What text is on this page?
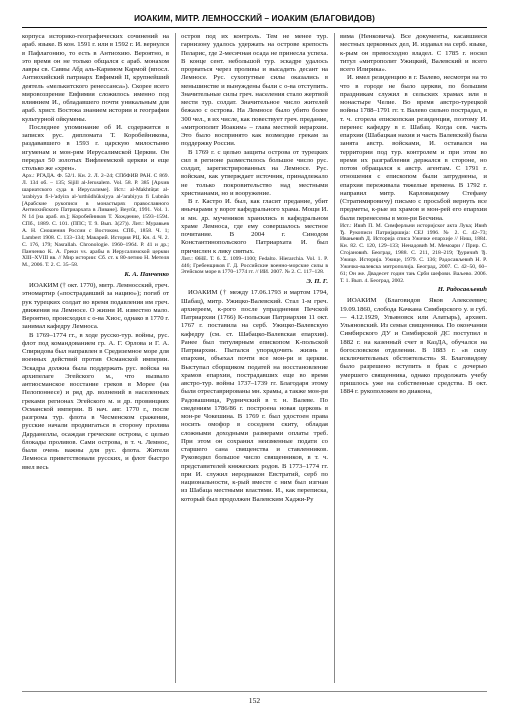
ИОАКИМ, МИТР. ЛЕМНОССКИЙ – ИОАКИМ (БЛАГОВИДОВ)

корпуса историко-географических сочинений на араб. языке. В кон. 1591 г. или в 1592 г. И. вернулся в Пафлагонию, то есть в Антиохию. Вероятно, в это время он не только общался с араб. монахом лавры св. Саввы Абд аль-Каримом Кармой (впосл. Антиохийский патриарх Евфимий II, крупнейший деятель «мелькитского ренессанса»). Скорее всего мировоззрение Евфимия сложилось именно под влиянием И., обладавшего почти уникальным для араб. христ. Востока знанием истории и географии культурной ойкумены.

Последнее упоминание об И. содержится в записях рус. дипломата Т. Коробейникова, раздававшего в 1593 г. царскую милостыню игуменам и мон-рям Иерусалимской Церкви. Он передал 50 золотых Вифлеемской церкви и еще столько же «хрен».

Арх.: РГАДА. Ф. 52/1. Кн. 2. Л. 2–24; СПбФИВ РАН. С 869. Л. 134 об. – 135; Sijill al-Jerusalem. Vol. 58. P. 385 [Архив шариатского суда в Иерусалиме]. Ист.: al-Makhtūṭat al-'arabiyya fi-l-'adyira al-'urthūdhūksiyya al-'arabiyya fi Lubnān [Арабские рукописи в монастырях православного Антиохийского Патриархата в Ливане]. Beyrūt, 1991. Vol. 1. N 14 [на араб. яз.]; Коробейников Т. Хождение, 1593–1594. СПб., 1889. С. 101. (ППС; Т. 9. Вып. 3(27)). Лит.: Муравьев А. Н. Сношения России с Востоком. СПб., 1858. Ч. 1; Lambert 1908. С. 133–134; Макарий. История РЦ. Кн. 4. Ч. 2. С. 176, 179; Nasrallah. Chronologie. 1960–1964. Р. 41 и др.; Панченко К. А. Греки vs. арабы в Иерусалимской церкви XIII–XVIII вв. // Мир истории: Сб. ст. к 80-летию Н. Метеля М., 2006. Т. 2. С. 35–58.

К. А. Панченко

ИОАКИМ († окт. 1770), митр. Лемносский, греч. этномартир («пострадавший за нацию»); погиб от рук турецких солдат во время подавления им греч. движения на Лемносе. О жизни И. известно мало. Вероятно, происходил с о-ва Хиос, однако в 1770 г. занимал кафедру Лемноса.

В 1769–1774 гг., в ходе русско-тур. войны, рус. флот под командованием гр. А. Г. Орлова и Г. А. Спиридова был направлен в Средиземное море для военных действий против Османской империи. Эскадра должна была поддержать рус. войска на архипелаге Эгейского м., что вызвало антиосманское восстание греков в Морее (на Пелопоннесе) и ряд др. волнений в населенных греками регионах Эгейского м. и др. провинциях Османской империи. В нач. авг. 1770 г., после разгрома тур. флота в Чесменском сражении, русские начали продвигаться в сторону пролива Дарданеллы, осаждая греческие острова, с целью блокады проливов. Сами острова, в т. ч. Лемнос, были очень важны для рус. флота. Жители Лемноса приветствовали русских, и флот быстро ввел весь

остров под их контроль. Тем не менее тур. гарнизону удалось удержать на острове крепость Пеларис, где 2-месячная осада не принесла успеха. В конце сент. небольшой тур. эскадре удалось прорваться через проливы и высадить десант на Лемносе. Рус. сухопутные силы оказались в меньшинстве и вынуждены были с о-ва отступить. Значительные силы греч. населения стало жертвой мести тур. солдат. Значительное число жителей бежало с острова. На Лемносе было убито более 300 чел., в их числе, как повествует греч. предание, «митрополит Иоаким» – глава местной иерархии. Это было воспринято как возмездие грекам за поддержку России.

В 1769 г. с целью защиты острова от турецких сил в регионе разместилось большое число рус. солдат, зарегистрированных на Лемносе. Рус. войскам, как утверждает источник, принадлежало не только покровительство над местными христианами, но и вооружение.

В г. Кастро И. был, как гласит предание, убит янычарами у ворот кафедрального храма. Мощи И. и мн. др. мучеников хранились в кафедральном храме Лемноса, где ему совершалось местное почитание. В 2004 г. Синодом Константинопольского Патриархата И. был причислен к лику святых.

Лит.: ΘΗΕ. Τ. 6. Σ. 1099–1100; Fedalto. Hierarchia. Vol. 1. P. 446; Гребенщиков Г. Д. Российские военно-морские силы в Эгейском море в 1770–1774 гг. // ИИ. 2007. № 2. С. 117–128.

Э. П. Г.

ИОАКИМ († между 17.06.1793 и мартом 1794, Шабац), митр. Ужицко-Валевский. Стал 1-м греч. архиереем, к-рого после упразднения Печской Патриархии (1766) К-польская Патриархия 11 окт. 1767 г. поставила на серб. Ужицко-Валевскую кафедру (см. ст. Шабацко-Валевская епархия). Ранее был титулярным епископом К-польской Патриархии. Пытался упорядочить жизнь в епархии, объехал почти все мон-ри и церкви. Выступал сборщиком податей на восстановление храмов епархии, пострадавших еще во время австро-тур. войны 1737–1739 гг. Благодаря этому были отреставрированы мн. храмы, а также мон-ри Радовашница, Рудничский в т. н. Валеве. По сведениям 1786/86 г. построена новая церковь в мон-ре Чокешина. В 1769 г. был удостоен права носить омофор в соседнем скиту, обладая сложными доходными размерами оплаты треб. При этом он сохранил неизменные подати со старшего сана священства и ставленников. Руководил большое число священников, в т. ч. представителей княжеских родов. В 1773–1774 гг. при И. служил иеродиакон Евстратий, серб по национальности, к-рый вместе с ним был изгнан из Шабаца местными властями. И., как переписка, который был продолжен Валевским Хаджи-Ру

вима (Ненковича). Все документы, касавшиеся местных церковных дел, И. издавал на серб. языке, к-рым он превосходно владел. С 1785 г. носил титул «митрополит Ужицкий, Валевский и всего всего Илирика».

И. имел резиденцию в г. Валево, несмотря на то что в городе не было церкви, по большим праздникам служил в сельских храмах или в монастыре Челие. Во время австро-турецкой войны 1788–1791 гг. т. Валево сильно пострадал, в т. ч. сгорела епископская резиденция, поэтому И. перенес кафедру в г. Шабац. Когда сев. часть епархии (Шабацкая нахия и часть Валевской) была занята австр. войсками, И. оставался на территории под тур. контролем и при этом во время их разграбления держался в стороне, но потом обращался к австр. агентам. С 1791 г. отношения с епископом были затруднены, и епархия переживала тяжелые времена. В 1792 г. направил митр. Карловацкому Стефану (Стратимировичу) письмо с просьбой вернуть все предметы, к-рые из храмов и мон-рей его епархии были перенесены в мон-ри Бесчина.

Ист.: Ивић П. М. Симферльни историјског акта Лука; Ивић Ђ. Рукописи Патријаршија: СЕЈ 1996. № 2. С. 42–73; Ивањевић Д. Историја списа Ужичке епархије // Ниш, 1884. Кн. 82. С. 120, 129–133; Ненадовић М. Мемоари / Прир. С. Стојановић. Београд, 1988. С. 211, 218–219; Ђуричић Ђ. Ужице. Историја. Ужице, 1979. С. 136; Радосављевић Н. Р. Ужичко-валевска митрополија. Београд, 2007. С. 42–50, 60–61; Он же. Двадесет годин тањ Срби шефови. Ваљево. 2006. Т. 1. Вып. 4. Београд, 2002.

Н. Радосављевић

ИОАКИМ (Благовидов Яков Алексеевич; 19.09.1860, слобода Качкана Симбирского у. и губ.— 4.12.1929, Ульяновск или Алатырь), архиеп. Ульяновский. Из семьи священника. По окончании Симбирского ДУ и Симбирской ДС поступил в 1882 г. на казенный счет в КазДА, обучался на богословском отделении. В 1883 г. «в силу исключительных обстоятельств» Я. Благовидову было разрешено вступить в брак с дочерью умершего священника, однако продолжать учебу пришлось уже на собственные средства. В окт. 1884 г. рукоположен во диакона,

152
